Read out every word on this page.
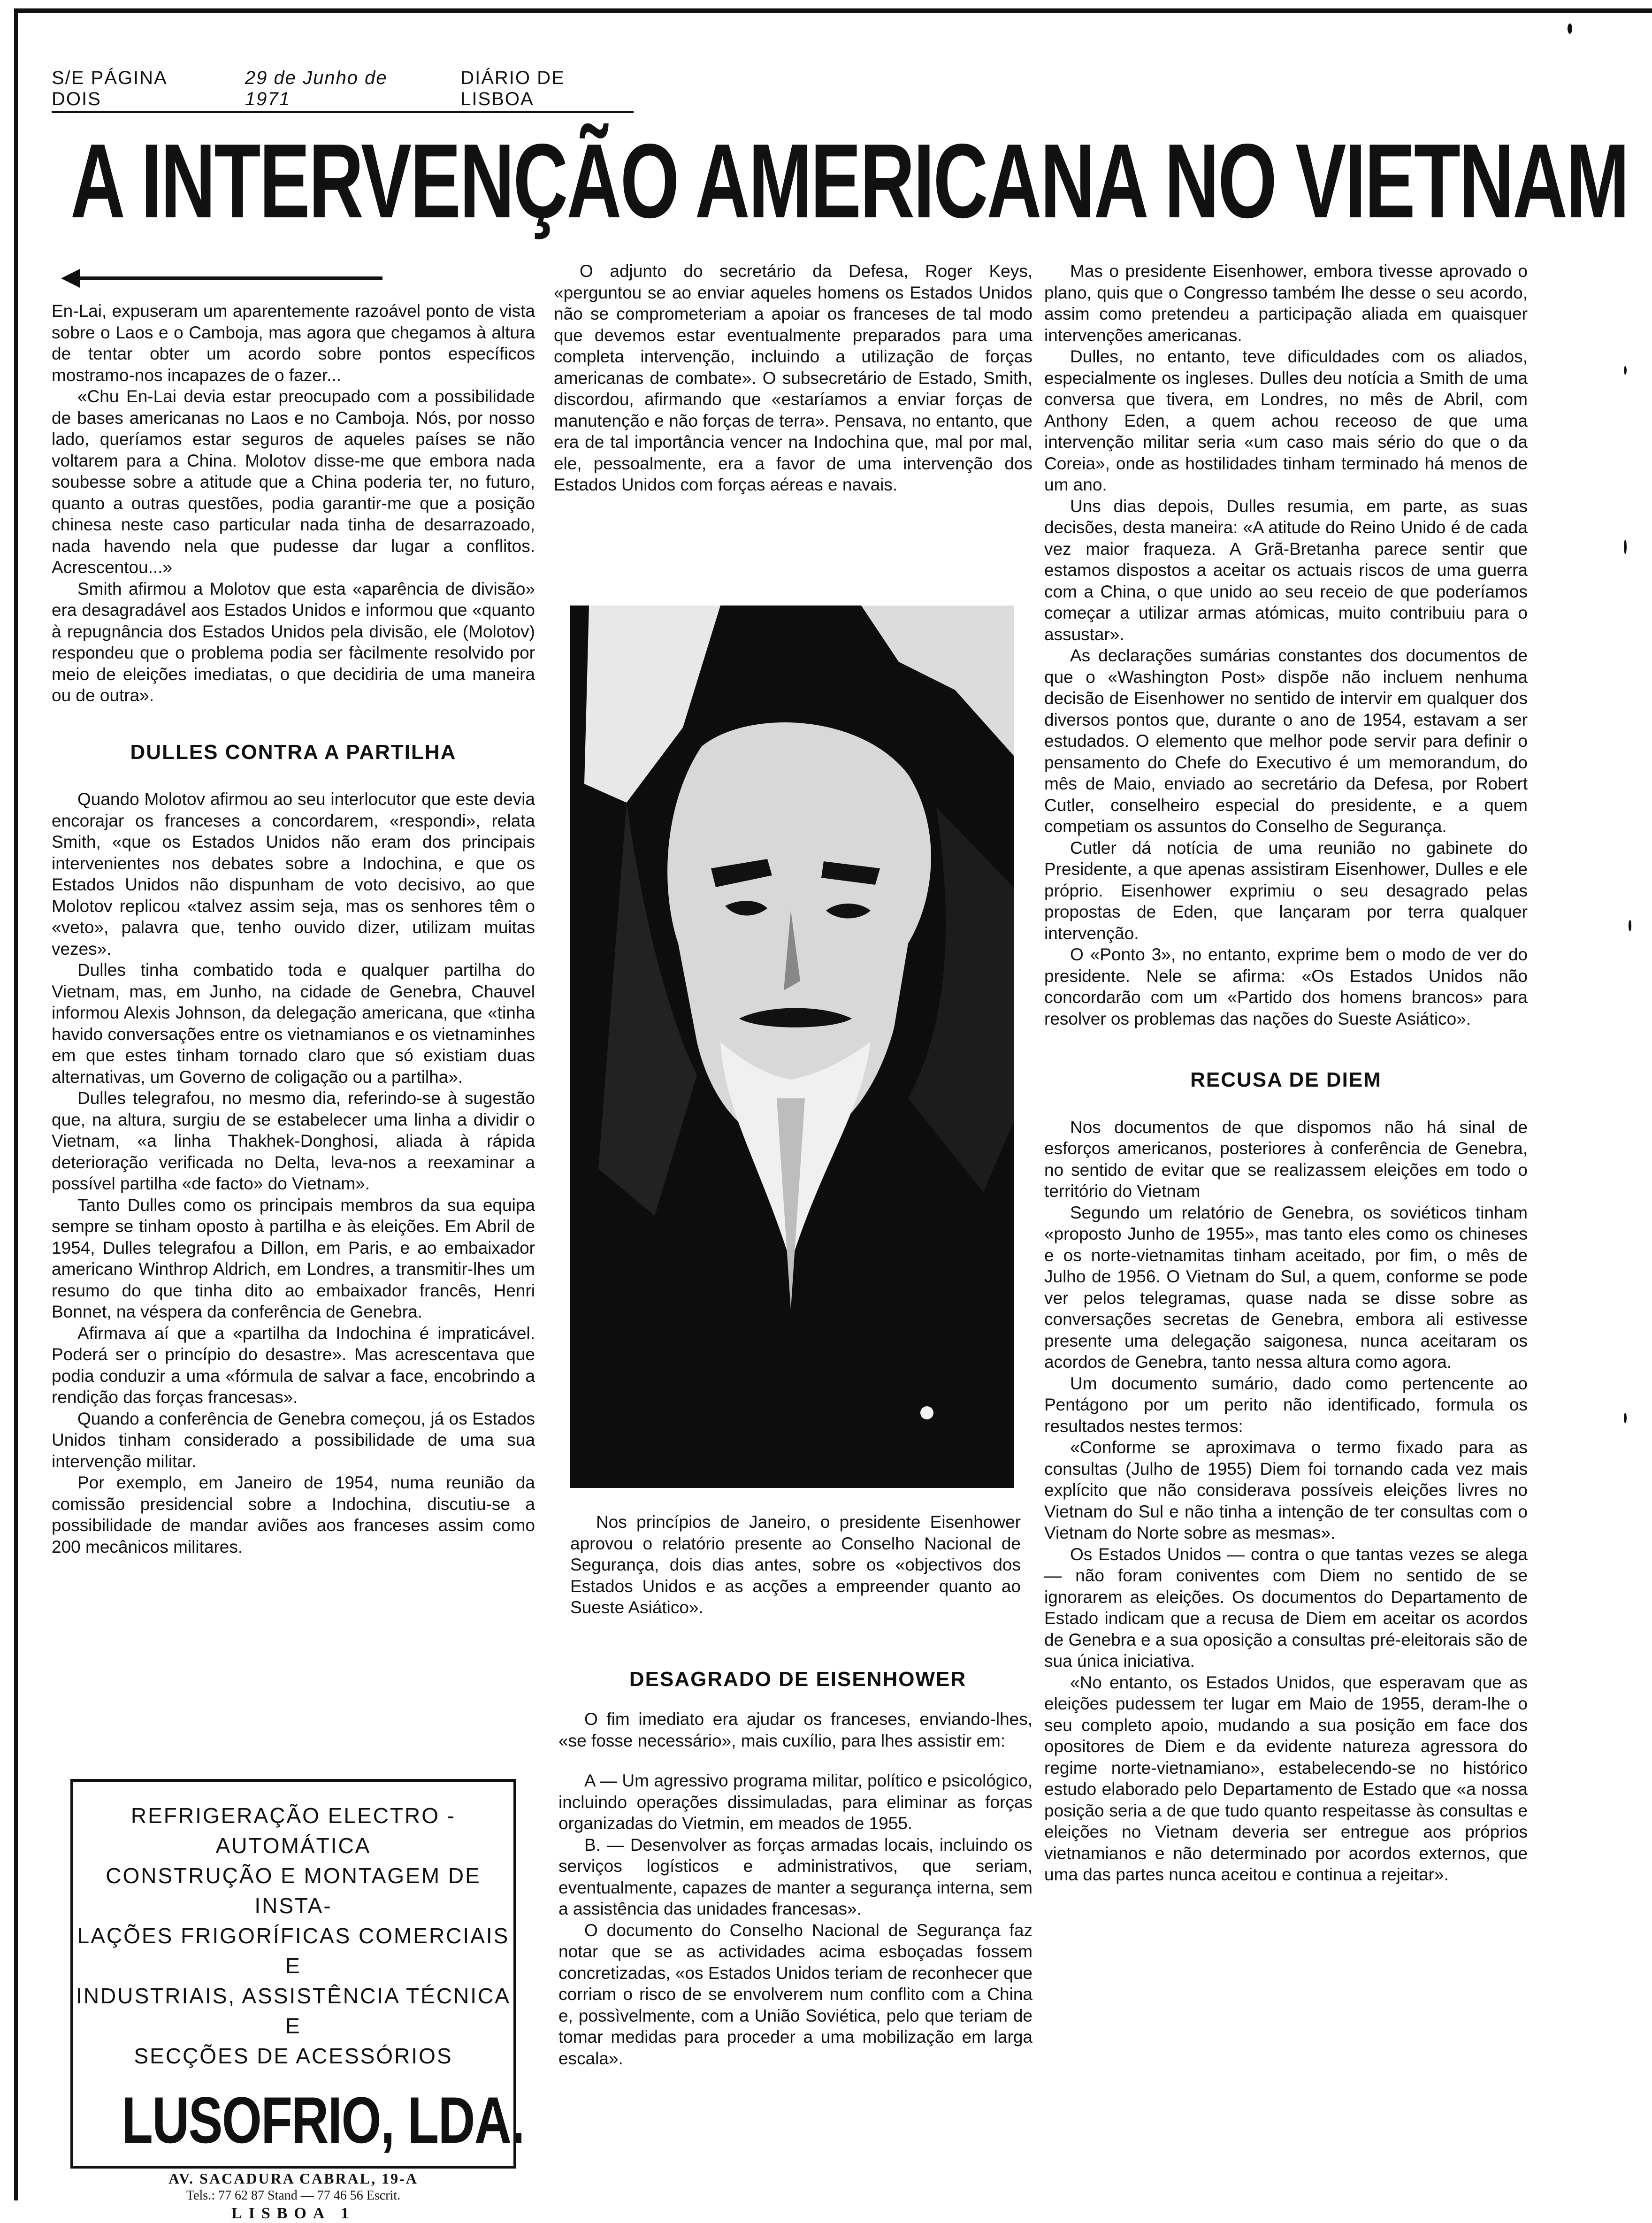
S/E PÁGINA DOIS
29 de Junho de 1971
DIÁRIO DE LISBOA
A INTERVENÇÃO AMERICANA NO VIETNAM

En-Lai, expuseram um aparentemente razoável ponto de vista sobre o Laos e o Camboja, mas agora que chegamos à altura de tentar obter um acordo sobre pontos específicos mostramo-nos incapazes de o fazer...

«Chu En-Lai devia estar preocupado com a possibilidade de bases americanas no Laos e no Camboja. Nós, por nosso lado, queríamos estar seguros de aqueles países se não voltarem para a China. Molotov disse-me que embora nada soubesse sobre a atitude que a China poderia ter, no futuro, quanto a outras questões, podia garantir-me que a posição chinesa neste caso particular nada tinha de desarrazoado, nada havendo nela que pudesse dar lugar a conflitos. Acrescentou...»

Smith afirmou a Molotov que esta «aparência de divisão» era desagradável aos Estados Unidos e informou que «quanto à repugnância dos Estados Unidos pela divisão, ele (Molotov) respondeu que o problema podia ser fàcilmente resolvido por meio de eleições imediatas, o que decidiria de uma maneira ou de outra».

DULLES CONTRA A PARTILHA

Quando Molotov afirmou ao seu interlocutor que este devia encorajar os franceses a concordarem, «respondi», relata Smith, «que os Estados Unidos não eram dos principais intervenientes nos debates sobre a Indochina, e que os Estados Unidos não dispunham de voto decisivo, ao que Molotov replicou «talvez assim seja, mas os senhores têm o «veto», palavra que, tenho ouvido dizer, utilizam muitas vezes».

Dulles tinha combatido toda e qualquer partilha do Vietnam, mas, em Junho, na cidade de Genebra, Chauvel informou Alexis Johnson, da delegação americana, que «tinha havido conversações entre os vietnamianos e os vietnaminhes em que estes tinham tornado claro que só existiam duas alternativas, um Governo de coligação ou a partilha».

Dulles telegrafou, no mesmo dia, referindo-se à sugestão que, na altura, surgiu de se estabelecer uma linha a dividir o Vietnam, «a linha Thakhek-Donghosi, aliada à rápida deterioração verificada no Delta, leva-nos a reexaminar a possível partilha «de facto» do Vietnam».

Tanto Dulles como os principais membros da sua equipa sempre se tinham oposto à partilha e às eleições. Em Abril de 1954, Dulles telegrafou a Dillon, em Paris, e ao embaixador americano Winthrop Aldrich, em Londres, a transmitir-lhes um resumo do que tinha dito ao embaixador francês, Henri Bonnet, na véspera da conferência de Genebra.

Afirmava aí que a «partilha da Indochina é impraticável. Poderá ser o princípio do desastre». Mas acrescentava que podia conduzir a uma «fórmula de salvar a face, encobrindo a rendição das forças francesas».

Quando a conferência de Genebra começou, já os Estados Unidos tinham considerado a possibilidade de uma sua intervenção militar.

Por exemplo, em Janeiro de 1954, numa reunião da comissão presidencial sobre a Indochina, discutiu-se a possibilidade de mandar aviões aos franceses assim como 200 mecânicos militares.

REFRIGERAÇÃO ELECTRO - AUTOMÁTICA
CONSTRUÇÃO E MONTAGEM DE INSTA-
LAÇÕES FRIGORÍFICAS COMERCIAIS E
INDUSTRIAIS, ASSISTÊNCIA TÉCNICA E
SECÇÕES DE ACESSÓRIOS
LUSOFRIO, LDA.
AV. SACADURA CABRAL, 19-A
Tels.: 77 62 87 Stand — 77 46 56 Escrit.
LISBOA 1

O adjunto do secretário da Defesa, Roger Keys, «perguntou se ao enviar aqueles homens os Estados Unidos não se comprometeriam a apoiar os franceses de tal modo que devemos estar eventualmente preparados para uma completa intervenção, incluindo a utilização de forças americanas de combate». O subsecretário de Estado, Smith, discordou, afirmando que «estaríamos a enviar forças de manutenção e não forças de terra». Pensava, no entanto, que era de tal importância vencer na Indochina que, mal por mal, ele, pessoalmente, era a favor de uma intervenção dos Estados Unidos com forças aéreas e navais.

Nos princípios de Janeiro, o presidente Eisenhower aprovou o relatório presente ao Conselho Nacional de Segurança, dois dias antes, sobre os «objectivos dos Estados Unidos e as acções a empreender quanto ao Sueste Asiático».

DESAGRADO DE EISENHOWER

O fim imediato era ajudar os franceses, enviando-lhes, «se fosse necessário», mais cuxílio, para lhes assistir em:

A — Um agressivo programa militar, político e psicológico, incluindo operações dissimuladas, para eliminar as forças organizadas do Vietmin, em meados de 1955.

B. — Desenvolver as forças armadas locais, incluindo os serviços logísticos e administrativos, que seriam, eventualmente, capazes de manter a segurança interna, sem a assistência das unidades francesas».

O documento do Conselho Nacional de Segurança faz notar que se as actividades acima esboçadas fossem concretizadas, «os Estados Unidos teriam de reconhecer que corriam o risco de se envolverem num conflito com a China e, possìvelmente, com a União Soviética, pelo que teriam de tomar medidas para proceder a uma mobilização em larga escala».

Mas o presidente Eisenhower, embora tivesse aprovado o plano, quis que o Congresso também lhe desse o seu acordo, assim como pretendeu a participação aliada em quaisquer intervenções americanas.

Dulles, no entanto, teve dificuldades com os aliados, especialmente os ingleses. Dulles deu notícia a Smith de uma conversa que tivera, em Londres, no mês de Abril, com Anthony Eden, a quem achou receoso de que uma intervenção militar seria «um caso mais sério do que o da Coreia», onde as hostilidades tinham terminado há menos de um ano.

Uns dias depois, Dulles resumia, em parte, as suas decisões, desta maneira: «A atitude do Reino Unido é de cada vez maior fraqueza. A Grã-Bretanha parece sentir que estamos dispostos a aceitar os actuais riscos de uma guerra com a China, o que unido ao seu receio de que poderíamos começar a utilizar armas atómicas, muito contribuiu para o assustar».

As declarações sumárias constantes dos documentos de que o «Washington Post» dispõe não incluem nenhuma decisão de Eisenhower no sentido de intervir em qualquer dos diversos pontos que, durante o ano de 1954, estavam a ser estudados. O elemento que melhor pode servir para definir o pensamento do Chefe do Executivo é um memorandum, do mês de Maio, enviado ao secretário da Defesa, por Robert Cutler, conselheiro especial do presidente, e a quem competiam os assuntos do Conselho de Segurança.

Cutler dá notícia de uma reunião no gabinete do Presidente, a que apenas assistiram Eisenhower, Dulles e ele próprio. Eisenhower exprimiu o seu desagrado pelas propostas de Eden, que lançaram por terra qualquer intervenção.

O «Ponto 3», no entanto, exprime bem o modo de ver do presidente. Nele se afirma: «Os Estados Unidos não concordarão com um «Partido dos homens brancos» para resolver os problemas das nações do Sueste Asiático».

RECUSA DE DIEM

Nos documentos de que dispomos não há sinal de esforços americanos, posteriores à conferência de Genebra, no sentido de evitar que se realizassem eleições em todo o território do Vietnam

Segundo um relatório de Genebra, os soviéticos tinham «proposto Junho de 1955», mas tanto eles como os chineses e os norte-vietnamitas tinham aceitado, por fim, o mês de Julho de 1956. O Vietnam do Sul, a quem, conforme se pode ver pelos telegramas, quase nada se disse sobre as conversações secretas de Genebra, embora ali estivesse presente uma delegação saigonesa, nunca aceitaram os acordos de Genebra, tanto nessa altura como agora.

Um documento sumário, dado como pertencente ao Pentágono por um perito não identificado, formula os resultados nestes termos:

«Conforme se aproximava o termo fixado para as consultas (Julho de 1955) Diem foi tornando cada vez mais explícito que não considerava possíveis eleições livres no Vietnam do Sul e não tinha a intenção de ter consultas com o Vietnam do Norte sobre as mesmas».

Os Estados Unidos — contra o que tantas vezes se alega — não foram coniventes com Diem no sentido de se ignorarem as eleições. Os documentos do Departamento de Estado indicam que a recusa de Diem em aceitar os acordos de Genebra e a sua oposição a consultas pré-eleitorais são de sua única iniciativa.

«No entanto, os Estados Unidos, que esperavam que as eleições pudessem ter lugar em Maio de 1955, deram-lhe o seu completo apoio, mudando a sua posição em face dos opositores de Diem e da evidente natureza agressora do regime norte-vietnamiano», estabelecendo-se no histórico estudo elaborado pelo Departamento de Estado que «a nossa posição seria a de que tudo quanto respeitasse às consultas e eleições no Vietnam deveria ser entregue aos próprios vietnamianos e não determinado por acordos externos, que uma das partes nunca aceitou e continua a rejeitar».
